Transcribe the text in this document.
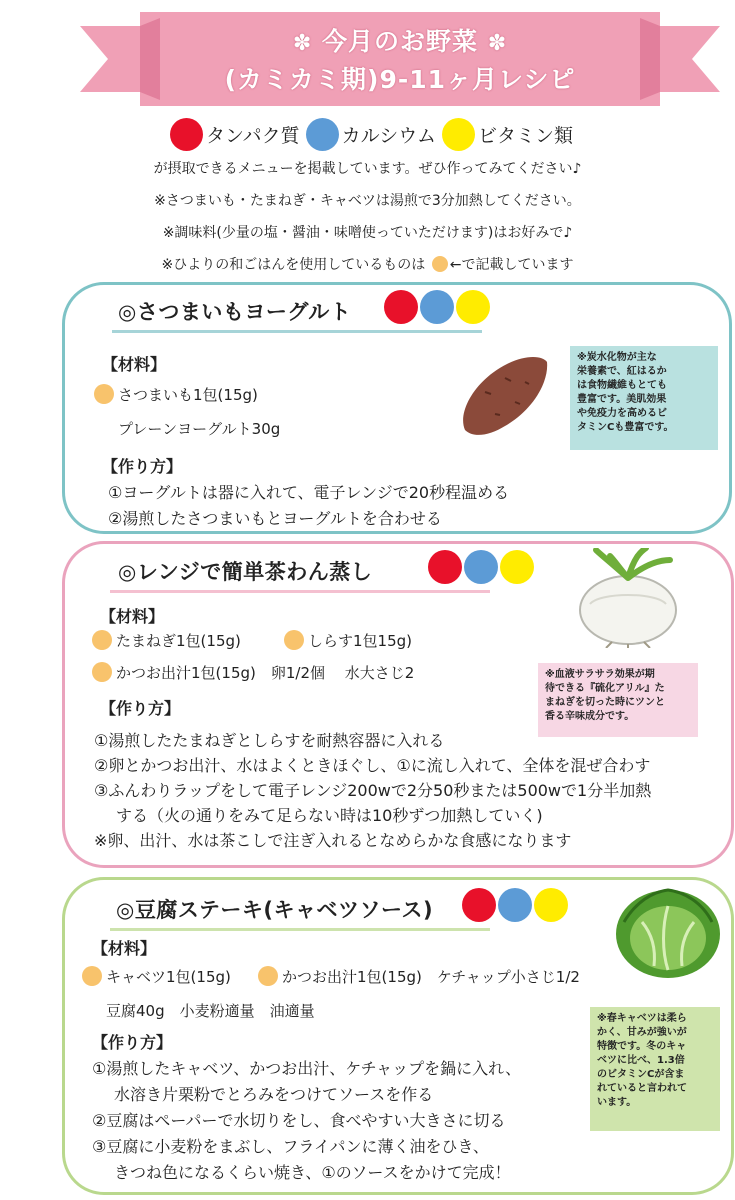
✽ 今月のお野菜 ✽
(カミカミ期)9-11ヶ月レシピ
タンパク質 カルシウム ビタミン類
が摂取できるメニューを掲載しています。ぜひ作ってみてください♪
※さつまいも・たまねぎ・キャベツは湯煎で3分加熱してください。
※調味料(少量の塩・醤油・味噌使っていただけます)はお好みで♪
※ひよりの和ごはんを使用しているものは ←で記載しています
◎さつまいもヨーグルト
【材料】
さつまいも1包(15g)
プレーンヨーグルト30g
【作り方】
①ヨーグルトは器に入れて、電子レンジで20秒程温める
②湯煎したさつまいもとヨーグルトを合わせる
※炭水化物が主な
栄養素で、紅はるか
は食物繊維もとても
豊富です。美肌効果
や免疫力を高めるビ
タミンCも豊富です。
◎レンジで簡単茶わん蒸し
【材料】
たまねぎ1包(15g)	しらす1包15g)
かつお出汁1包(15g)　卵1/2個　 水大さじ2
【作り方】
①湯煎したたまねぎとしらすを耐熱容器に入れる
②卵とかつお出汁、水はよくときほぐし、①に流し入れて、全体を混ぜ合わす
③ふんわりラップをして電子レンジ200wで2分50秒または500wで1分半加熱
する（火の通りをみて足らない時は10秒ずつ加熱していく)
※卵、出汁、水は茶こしで注ぎ入れるとなめらかな食感になります
※血液サラサラ効果が期
待できる『硫化アリル』た
まねぎを切った時にツンと
香る辛味成分です。
◎豆腐ステーキ(キャベツソース)
【材料】
キャベツ1包(15g)	かつお出汁1包(15g)　ケチャップ小さじ1/2
豆腐40g　小麦粉適量　油適量
【作り方】
①湯煎したキャベツ、かつお出汁、ケチャップを鍋に入れ、
水溶き片栗粉でとろみをつけてソースを作る
②豆腐はペーパーで水切りをし、食べやすい大きさに切る
③豆腐に小麦粉をまぶし、フライパンに薄く油をひき、
きつね色になるくらい焼き、①のソースをかけて完成！
※春キャベツは柔ら
かく、甘みが強いが
特徴です。冬のキャ
ベツに比べ、1.3倍
のビタミンCが含ま
れていると言われて
います。
